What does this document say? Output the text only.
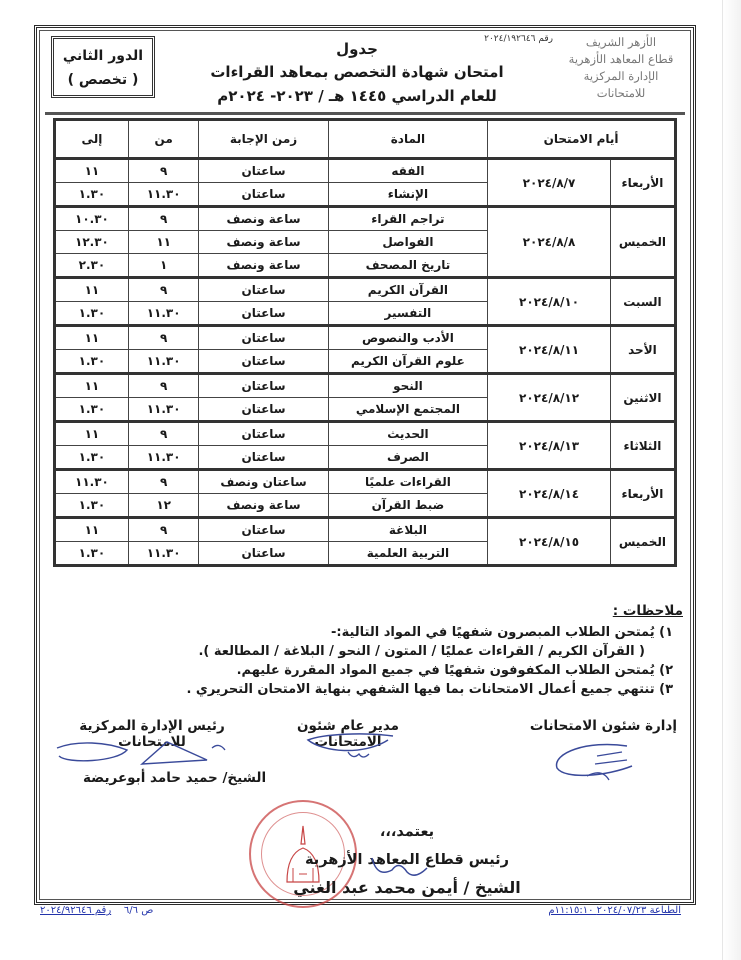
الدور الثاني
( تخصص )
جدول
امتحان شهادة التخصص بمعاهد القراءات
للعام الدراسي ١٤٤٥ هـ / ٢٠٢٣- ٢٠٢٤م
رقم ٢٠٢٤/١٩٢٦٤٦	الأزهر الشريف
قطاع المعاهد الأزهرية
الإدارة المركزية للامتحانات
أيام الامتحان		المادة	زمن الإجابة	من	إلى
الأربعاء	٢٠٢٤/٨/٧	الفقه	ساعتان	٩	١١
		الإنشاء	ساعتان	١١.٣٠	١.٣٠
الخميس	٢٠٢٤/٨/٨	تراجم القراء	ساعة ونصف	٩	١٠.٣٠
		الفواصل	ساعة ونصف	١١	١٢.٣٠
		تاريخ المصحف	ساعة ونصف	١	٢.٣٠
السبت	٢٠٢٤/٨/١٠	القرآن الكريم	ساعتان	٩	١١
		التفسير	ساعتان	١١.٣٠	١.٣٠
الأحد	٢٠٢٤/٨/١١	الأدب والنصوص	ساعتان	٩	١١
		علوم القرآن الكريم	ساعتان	١١.٣٠	١.٣٠
الاثنين	٢٠٢٤/٨/١٢	النحو	ساعتان	٩	١١
		المجتمع الإسلامي	ساعتان	١١.٣٠	١.٣٠
الثلاثاء	٢٠٢٤/٨/١٣	الحديث	ساعتان	٩	١١
		الصرف	ساعتان	١١.٣٠	١.٣٠
الأربعاء	٢٠٢٤/٨/١٤	القراءات علميًا	ساعتان ونصف	٩	١١.٣٠
		ضبط القرآن	ساعة ونصف	١٢	١.٣٠
الخميس	٢٠٢٤/٨/١٥	البلاغة	ساعتان	٩	١١
		التربية العلمية	ساعتان	١١.٣٠	١.٣٠
ملاحظات :
١) يُمتحن الطلاب المبصرون شفهيًا في المواد التالية:-
( القرآن الكريم / القراءات عمليًا / المتون / النحو / البلاغة / المطالعة ).
٢) يُمتحن الطلاب المكفوفون شفهيًا في جميع المواد المقررة عليهم.
٣) تنتهي جميع أعمال الامتحانات بما فيها الشفهي بنهاية الامتحان التحريري .
إدارة شئون الامتحانات
مدير عام شئون الامتحانات
رئيس الإدارة المركزية للامتحانات
الشيخ/ حميد حامد أبوعريضة
يعتمد،،،
رئيس قطاع المعاهد الأزهرية
الشيخ / أيمن محمد عبد الغني
ص ٦/٦    رقم ٢٠٢٤/٩٢٦٤٦	الطباعة ٢٠٢٤/٠٧/٢٣ ١١:١٥:١٠م
